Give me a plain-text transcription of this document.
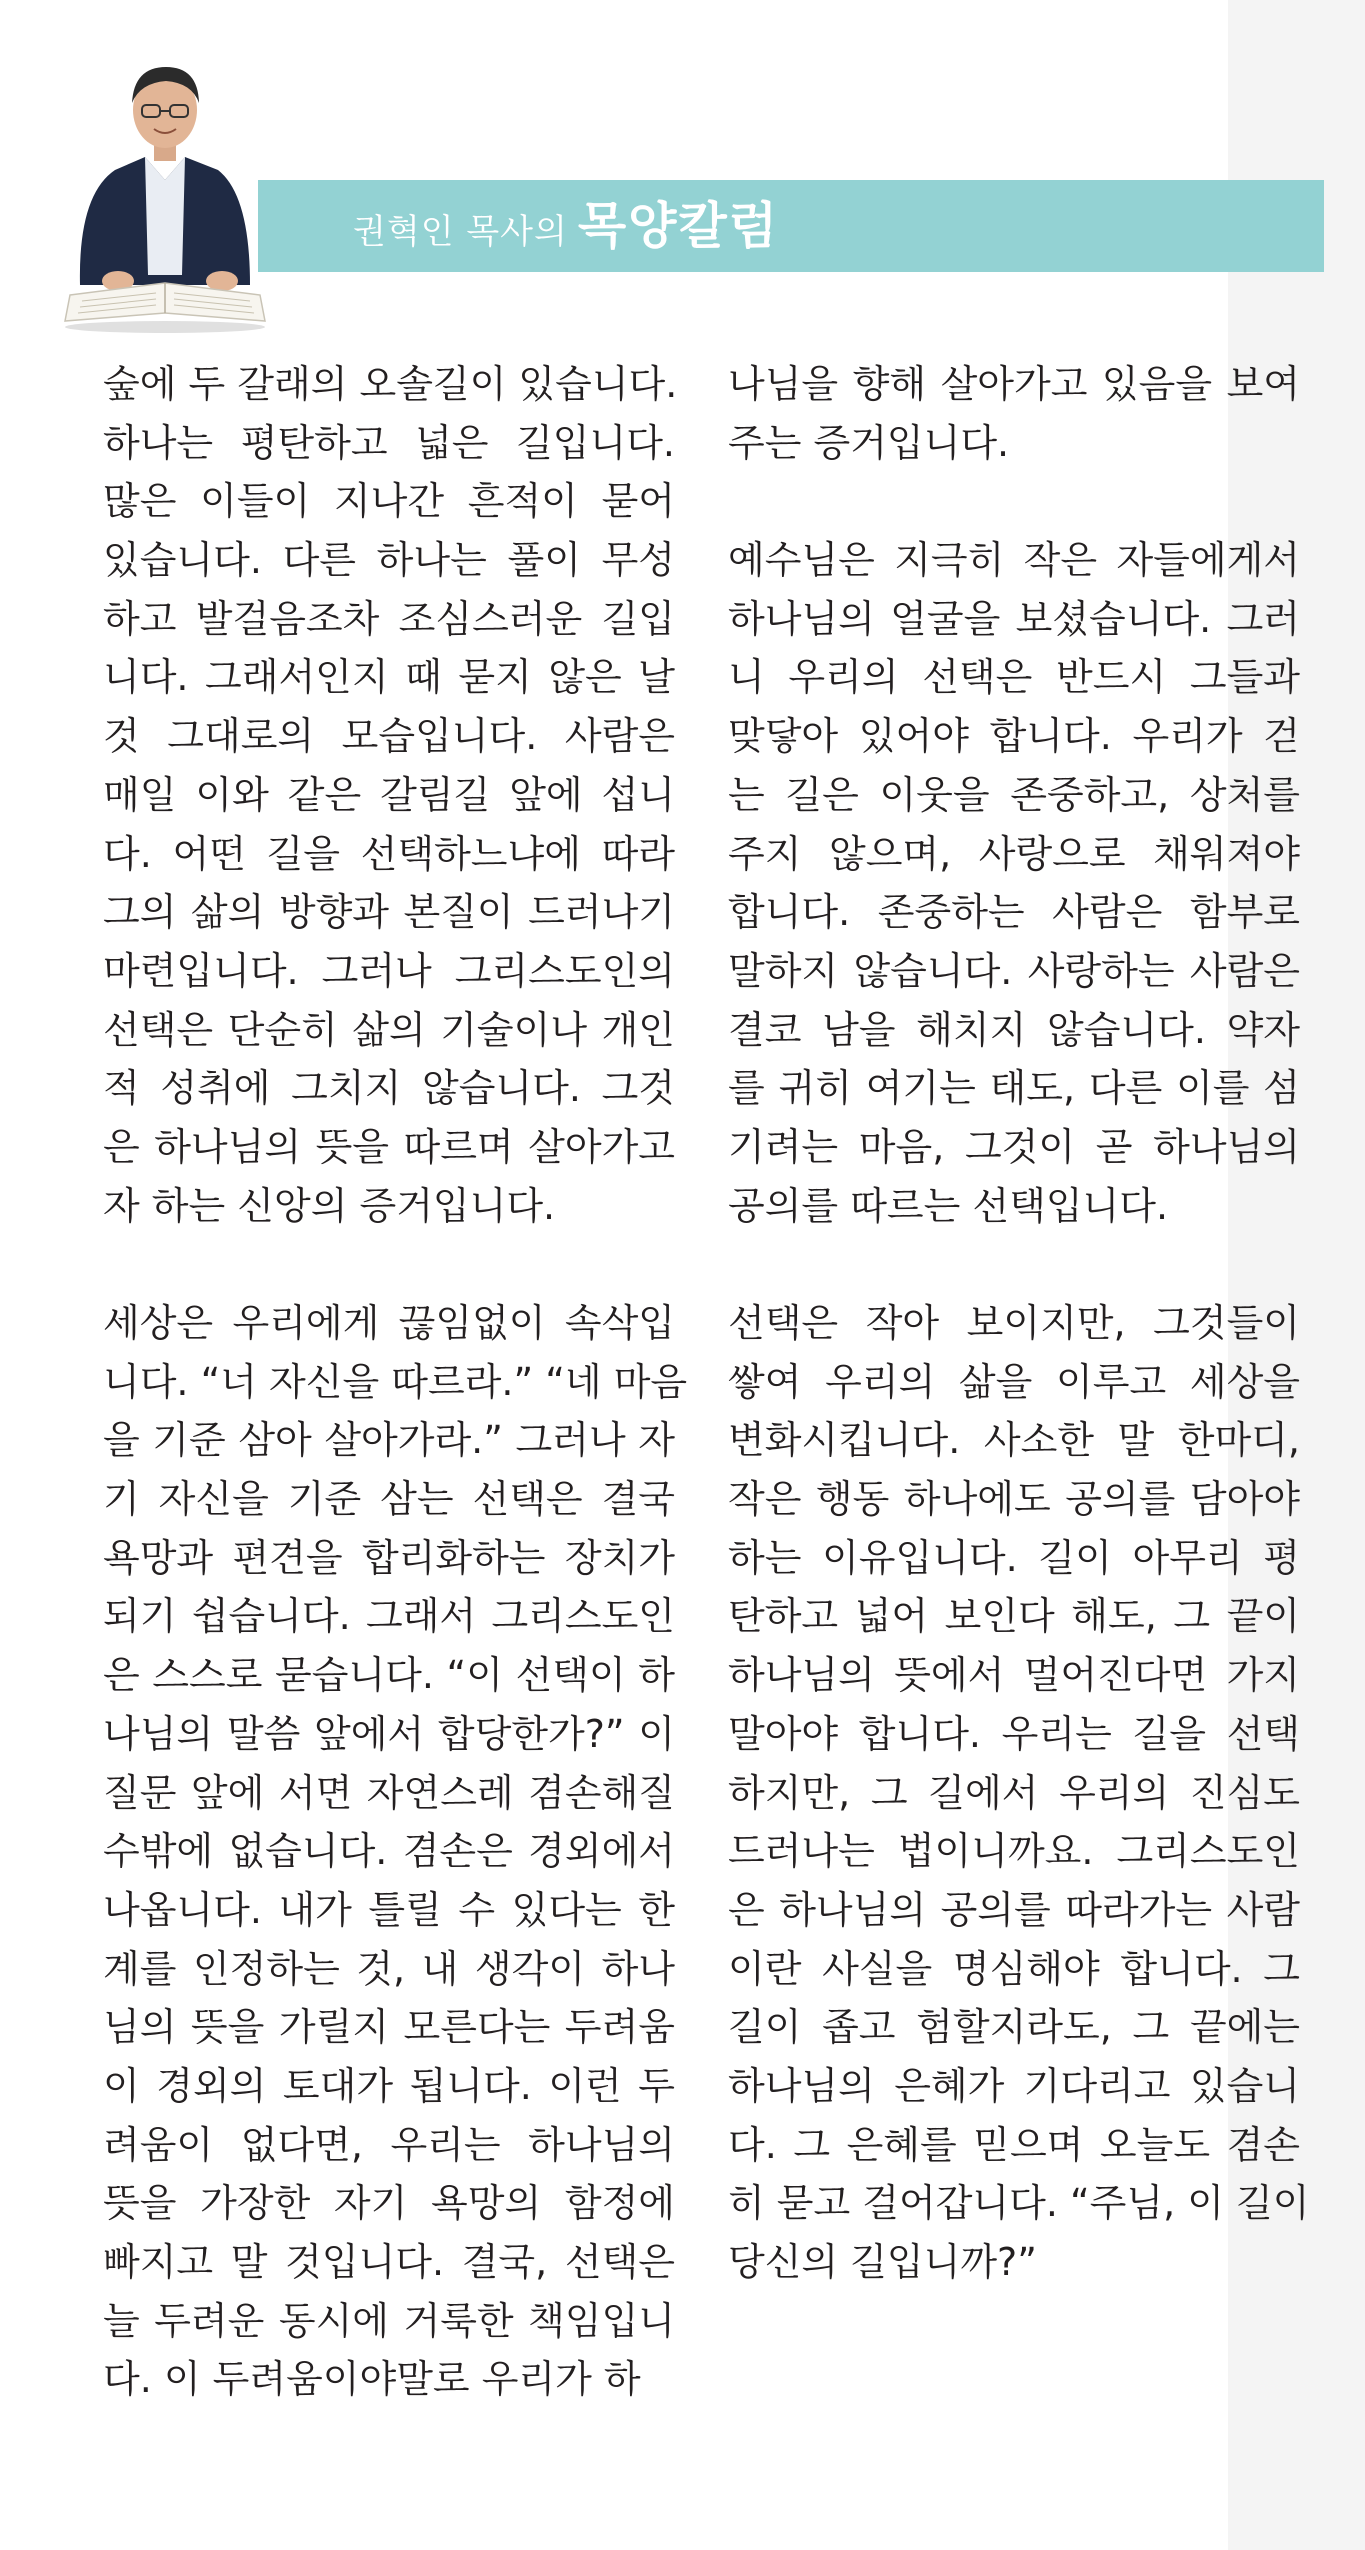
권혁인 목사의 목양칼럼
숲에 두 갈래의 오솔길이 있습니다.
하나는 평탄하고 넓은 길입니다.
많은 이들이 지나간 흔적이 묻어
있습니다. 다른 하나는 풀이 무성
하고 발걸음조차 조심스러운 길입
니다. 그래서인지 때 묻지 않은 날
것 그대로의 모습입니다. 사람은
매일 이와 같은 갈림길 앞에 섭니
다. 어떤 길을 선택하느냐에 따라
그의 삶의 방향과 본질이 드러나기
마련입니다. 그러나 그리스도인의
선택은 단순히 삶의 기술이나 개인
적 성취에 그치지 않습니다. 그것
은 하나님의 뜻을 따르며 살아가고
자 하는 신앙의 증거입니다.
세상은 우리에게 끊임없이 속삭입
니다. “너 자신을 따르라.” “네 마음
을 기준 삼아 살아가라.” 그러나 자
기 자신을 기준 삼는 선택은 결국
욕망과 편견을 합리화하는 장치가
되기 쉽습니다. 그래서 그리스도인
은 스스로 묻습니다. “이 선택이 하
나님의 말씀 앞에서 합당한가?” 이
질문 앞에 서면 자연스레 겸손해질
수밖에 없습니다. 겸손은 경외에서
나옵니다. 내가 틀릴 수 있다는 한
계를 인정하는 것, 내 생각이 하나
님의 뜻을 가릴지 모른다는 두려움
이 경외의 토대가 됩니다. 이런 두
려움이 없다면, 우리는 하나님의
뜻을 가장한 자기 욕망의 함정에
빠지고 말 것입니다. 결국, 선택은
늘 두려운 동시에 거룩한 책임입니
다. 이 두려움이야말로 우리가 하
나님을 향해 살아가고 있음을 보여
주는 증거입니다.
예수님은 지극히 작은 자들에게서
하나님의 얼굴을 보셨습니다. 그러
니 우리의 선택은 반드시 그들과
맞닿아 있어야 합니다. 우리가 걷
는 길은 이웃을 존중하고, 상처를
주지 않으며, 사랑으로 채워져야
합니다. 존중하는 사람은 함부로
말하지 않습니다. 사랑하는 사람은
결코 남을 해치지 않습니다. 약자
를 귀히 여기는 태도, 다른 이를 섬
기려는 마음, 그것이 곧 하나님의
공의를 따르는 선택입니다.
선택은 작아 보이지만, 그것들이
쌓여 우리의 삶을 이루고 세상을
변화시킵니다. 사소한 말 한마디,
작은 행동 하나에도 공의를 담아야
하는 이유입니다. 길이 아무리 평
탄하고 넓어 보인다 해도, 그 끝이
하나님의 뜻에서 멀어진다면 가지
말아야 합니다. 우리는 길을 선택
하지만, 그 길에서 우리의 진심도
드러나는 법이니까요. 그리스도인
은 하나님의 공의를 따라가는 사람
이란 사실을 명심해야 합니다. 그
길이 좁고 험할지라도, 그 끝에는
하나님의 은혜가 기다리고 있습니
다. 그 은혜를 믿으며 오늘도 겸손
히 묻고 걸어갑니다. “주님, 이 길이
당신의 길입니까?”
